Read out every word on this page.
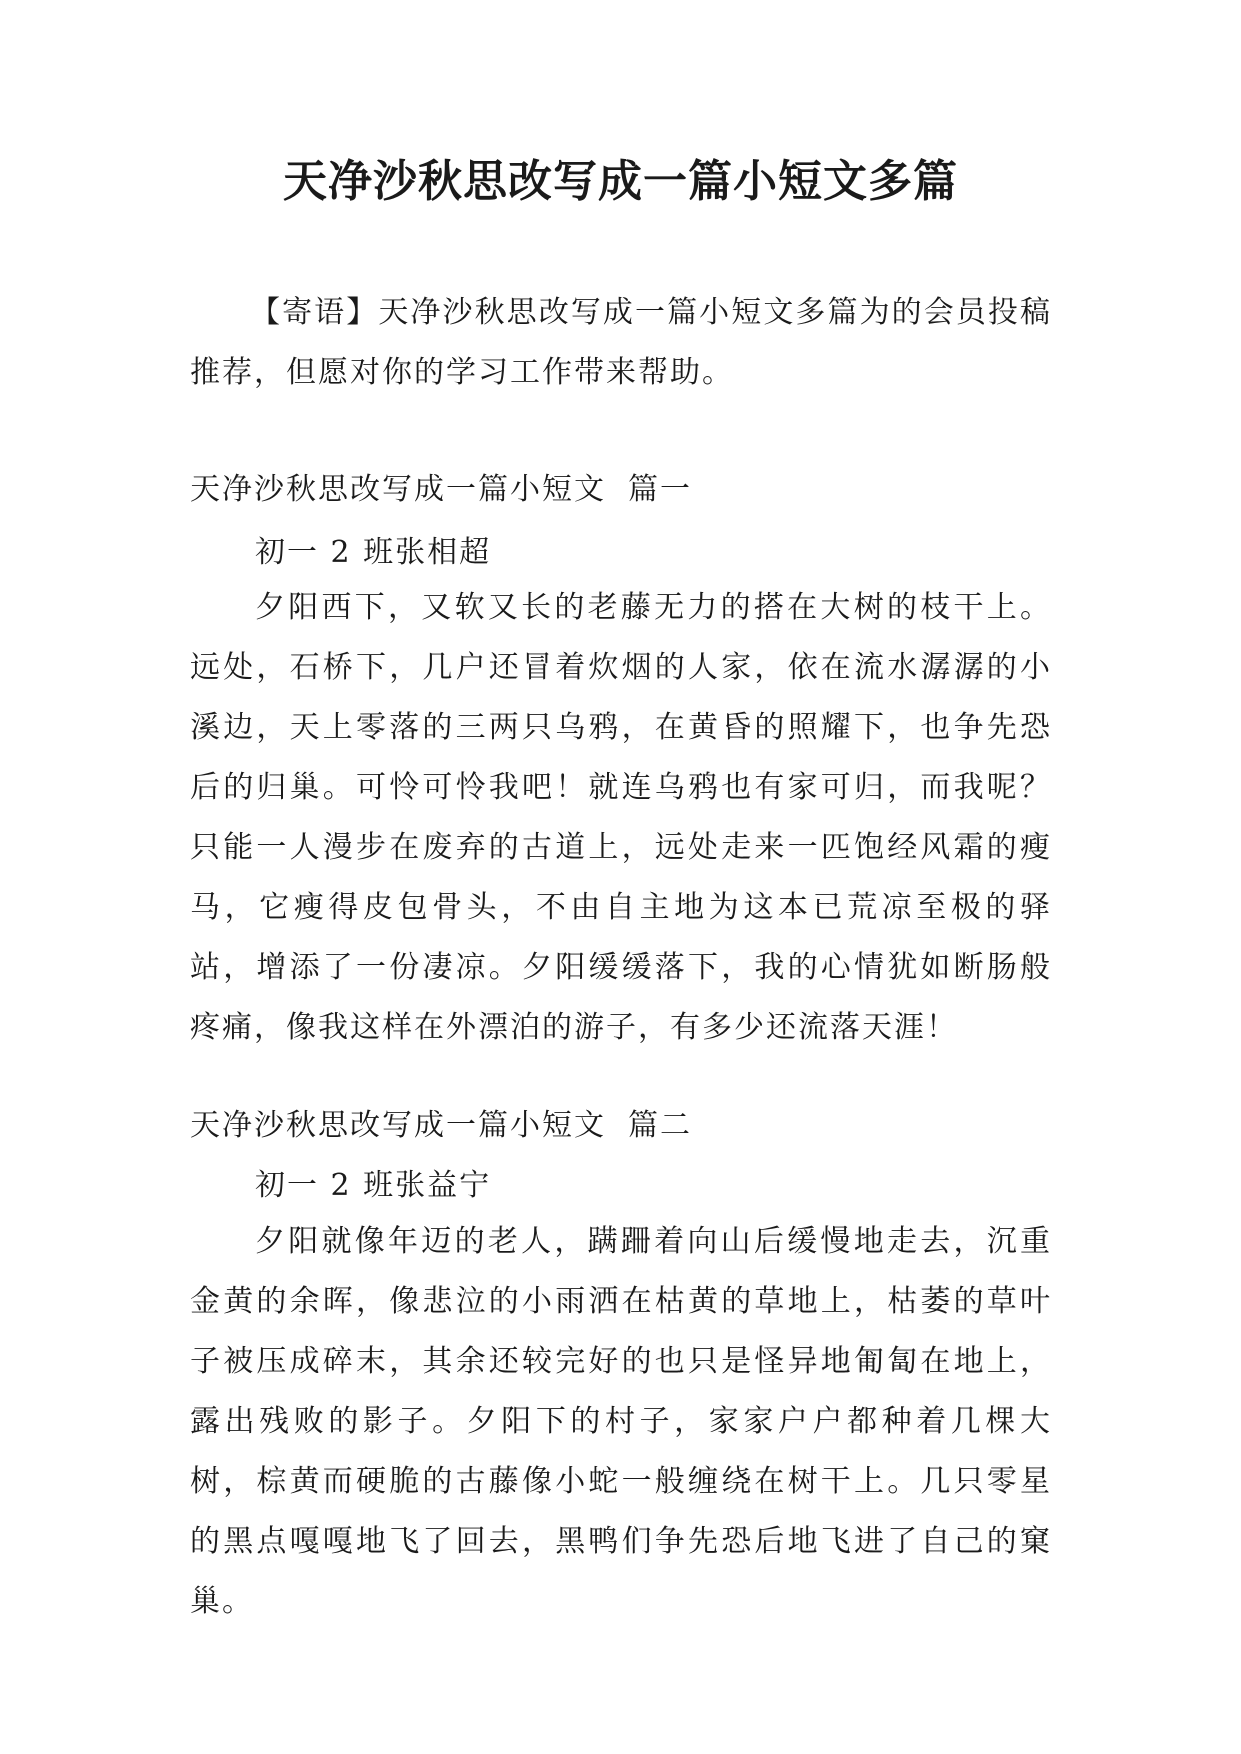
天净沙秋思改写成一篇小短文多篇

【寄语】天净沙秋思改写成一篇小短文多篇为的会员投稿推荐，但愿对你的学习工作带来帮助。

天净沙秋思改写成一篇小短文 篇一

初一 2 班张相超

夕阳西下，又软又长的老藤无力的搭在大树的枝干上。远处，石桥下，几户还冒着炊烟的人家，依在流水潺潺的小溪边，天上零落的三两只乌鸦，在黄昏的照耀下，也争先恐后的归巢。可怜可怜我吧！就连乌鸦也有家可归，而我呢？只能一人漫步在废弃的古道上，远处走来一匹饱经风霜的瘦马，它瘦得皮包骨头，不由自主地为这本已荒凉至极的驿站，增添了一份凄凉。夕阳缓缓落下，我的心情犹如断肠般疼痛，像我这样在外漂泊的游子，有多少还流落天涯！

天净沙秋思改写成一篇小短文 篇二

初一 2 班张益宁

夕阳就像年迈的老人，蹒跚着向山后缓慢地走去，沉重金黄的余晖，像悲泣的小雨洒在枯黄的草地上，枯萎的草叶子被压成碎末，其余还较完好的也只是怪异地匍匐在地上，露出残败的影子。夕阳下的村子，家家户户都种着几棵大树，棕黄而硬脆的古藤像小蛇一般缠绕在树干上。几只零星的黑点嘎嘎地飞了回去，黑鸭们争先恐后地飞进了自己的窠巢。
